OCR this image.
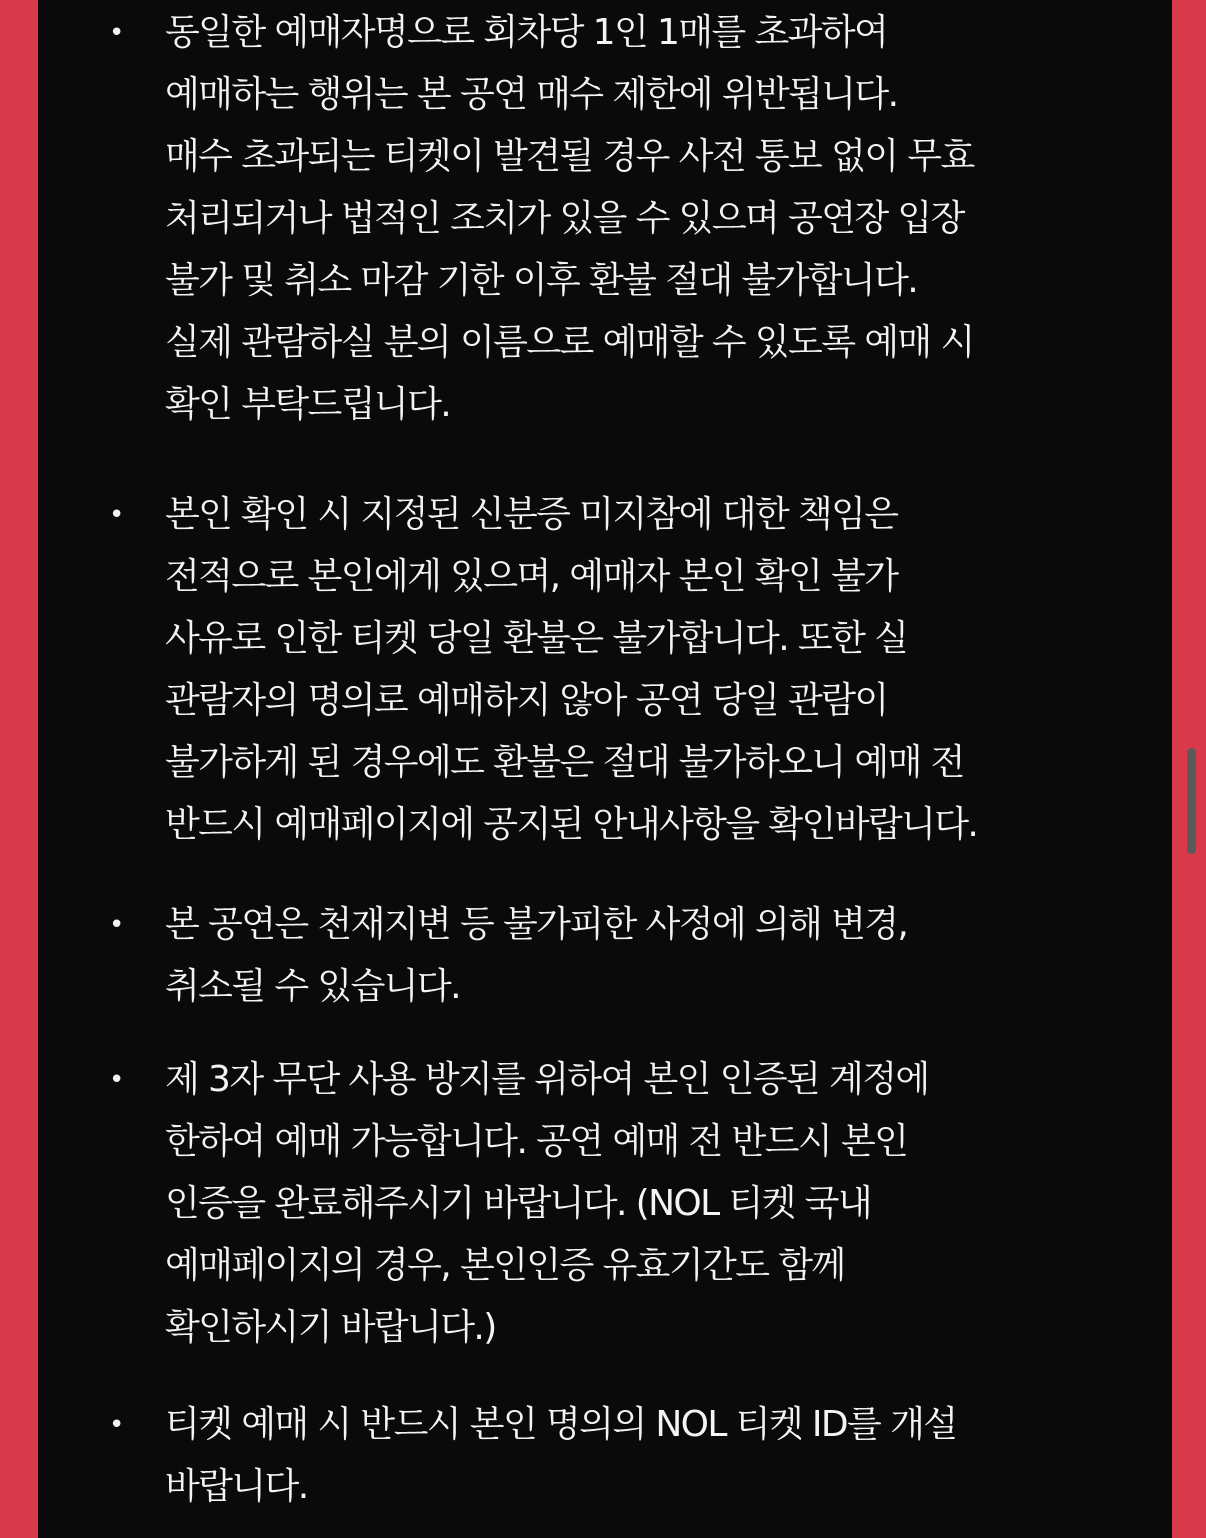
• 동일한 예매자명으로 회차당 1인 1매를 초과하여
예매하는 행위는 본 공연 매수 제한에 위반됩니다.
매수 초과되는 티켓이 발견될 경우 사전 통보 없이 무효
처리되거나 법적인 조치가 있을 수 있으며 공연장 입장
불가 및 취소 마감 기한 이후 환불 절대 불가합니다.
실제 관람하실 분의 이름으로 예매할 수 있도록 예매 시
확인 부탁드립니다.
• 본인 확인 시 지정된 신분증 미지참에 대한 책임은
전적으로 본인에게 있으며, 예매자 본인 확인 불가
사유로 인한 티켓 당일 환불은 불가합니다. 또한 실
관람자의 명의로 예매하지 않아 공연 당일 관람이
불가하게 된 경우에도 환불은 절대 불가하오니 예매 전
반드시 예매페이지에 공지된 안내사항을 확인바랍니다.
• 본 공연은 천재지변 등 불가피한 사정에 의해 변경,
취소될 수 있습니다.
• 제 3자 무단 사용 방지를 위하여 본인 인증된 계정에
한하여 예매 가능합니다. 공연 예매 전 반드시 본인
인증을 완료해주시기 바랍니다. (NOL 티켓 국내
예매페이지의 경우, 본인인증 유효기간도 함께
확인하시기 바랍니다.)
• 티켓 예매 시 반드시 본인 명의의 NOL 티켓 ID를 개설
바랍니다.
